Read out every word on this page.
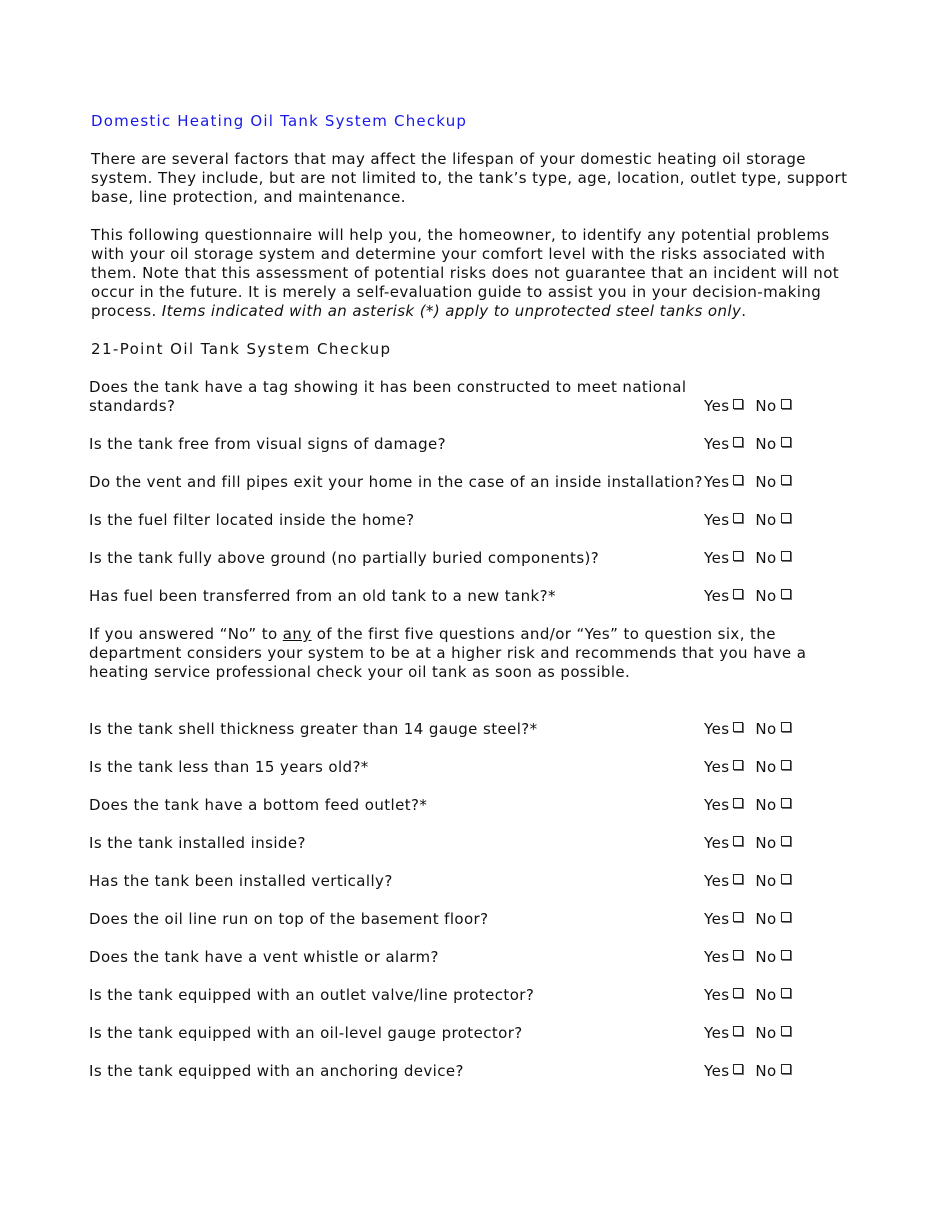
Domestic Heating Oil Tank System Checkup

There are several factors that may affect the lifespan of your domestic heating oil storage system. They include, but are not limited to, the tank’s type, age, location, outlet type, support base, line protection, and maintenance.

This following questionnaire will help you, the homeowner, to identify any potential problems with your oil storage system and determine your comfort level with the risks associated with them. Note that this assessment of potential risks does not guarantee that an incident will not occur in the future. It is merely a self-evaluation guide to assist you in your decision-making process. Items indicated with an asterisk (*) apply to unprotected steel tanks only.

21-Point Oil Tank System Checkup

Does the tank have a tag showing it has been constructed to meet national standards?	Yes No

Is the tank free from visual signs of damage?	Yes No

Do the vent and fill pipes exit your home in the case of an inside installation? Yes No

Is the fuel filter located inside the home?	Yes No

Is the tank fully above ground (no partially buried components)?	Yes No

Has fuel been transferred from an old tank to a new tank?*	Yes No

If you answered “No” to any of the first five questions and/or “Yes” to question six, the department considers your system to be at a higher risk and recommends that you have a heating service professional check your oil tank as soon as possible.

Is the tank shell thickness greater than 14 gauge steel?*	Yes No

Is the tank less than 15 years old?*	Yes No

Does the tank have a bottom feed outlet?*	Yes No

Is the tank installed inside?	Yes No

Has the tank been installed vertically?	Yes No

Does the oil line run on top of the basement floor?	Yes No

Does the tank have a vent whistle or alarm?	Yes No

Is the tank equipped with an outlet valve/line protector?	Yes No

Is the tank equipped with an oil-level gauge protector?	Yes No

Is the tank equipped with an anchoring device?	Yes No
